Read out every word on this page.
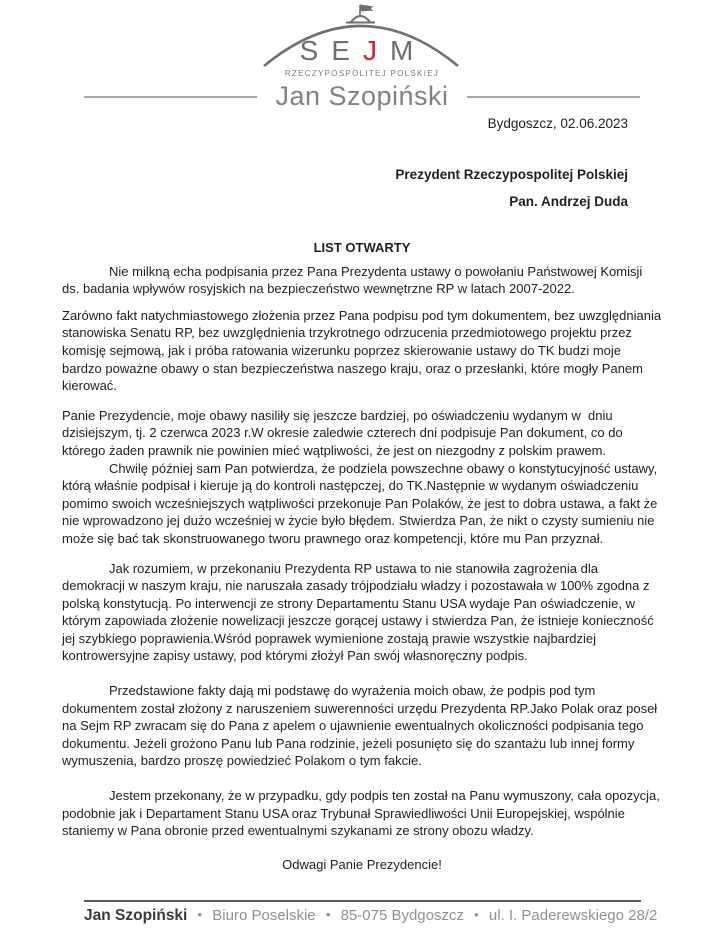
SEJM
RZECZYPOSPOLITEJ POLSKIEJ
Jan Szopiński
Bydgoszcz, 02.06.2023
Prezydent Rzeczypospolitej Polskiej
Pan. Andrzej Duda

LIST OTWARTY

Nie milkną echa podpisania przez Pana Prezydenta ustawy o powołaniu Państwowej Komisji ds. badania wpływów rosyjskich na bezpieczeństwo wewnętrzne RP w latach 2007-2022.

Zarówno fakt natychmiastowego złożenia przez Pana podpisu pod tym dokumentem, bez uwzględniania stanowiska Senatu RP, bez uwzględnienia trzykrotnego odrzucenia przedmiotowego projektu przez komisję sejmową, jak i próba ratowania wizerunku poprzez skierowanie ustawy do TK budzi moje bardzo poważne obawy o stan bezpieczeństwa naszego kraju, oraz o przesłanki, które mogły Panem kierować.

Panie Prezydencie, moje obawy nasiliły się jeszcze bardziej, po oświadczeniu wydanym w  dniu dzisiejszym, tj. 2 czerwca 2023 r.W okresie zaledwie czterech dni podpisuje Pan dokument, co do którego żaden prawnik nie powinien mieć wątpliwości, że jest on niezgodny z polskim prawem.

Chwilę później sam Pan potwierdza, że podziela powszechne obawy o konstytucyjność ustawy, którą właśnie podpisał i kieruje ją do kontroli następczej, do TK.Następnie w wydanym oświadczeniu  pomimo swoich wcześniejszych wątpliwości przekonuje Pan Polaków, że jest to dobra ustawa, a fakt że nie wprowadzono jej dużo wcześniej w życie było błędem. Stwierdza Pan, że nikt o czysty sumieniu nie może się bać tak skonstruowanego tworu prawnego oraz kompetencji, które mu Pan przyznał.

Jak rozumiem, w przekonaniu Prezydenta RP ustawa to nie stanowiła zagrożenia dla demokracji w naszym kraju, nie naruszała zasady trójpodziału władzy i pozostawała w 100% zgodna z polską konstytucją. Po interwencji ze strony Departamentu Stanu USA wydaje Pan oświadczenie, w którym zapowiada złożenie nowelizacji jeszcze gorącej ustawy i stwierdza Pan, że istnieje konieczność jej szybkiego poprawienia.Wśród poprawek wymienione zostają prawie wszystkie najbardziej kontrowersyjne zapisy ustawy, pod którymi złożył Pan swój własnoręczny podpis.

Przedstawione fakty dają mi podstawę do wyrażenia moich obaw, że podpis pod tym dokumentem został złożony z naruszeniem suwerenności urzędu Prezydenta RP.Jako Polak oraz poseł na Sejm RP zwracam się do Pana z apelem o ujawnienie ewentualnych okoliczności podpisania tego dokumentu. Jeżeli grożono Panu lub Pana rodzinie, jeżeli posunięto się do szantażu lub innej formy wymuszenia, bardzo proszę powiedzieć Polakom o tym fakcie.

Jestem przekonany, że w przypadku, gdy podpis ten został na Panu wymuszony, cała opozycja, podobnie jak i Departament Stanu USA oraz Trybunał Sprawiedliwości Unii Europejskiej, wspólnie staniemy w Pana obronie przed ewentualnymi szykanami ze strony obozu władzy.

Odwagi Panie Prezydencie!

Jan Szopiński • Biuro Poselskie • 85-075 Bydgoszcz • ul. I. Paderewskiego 28/2
